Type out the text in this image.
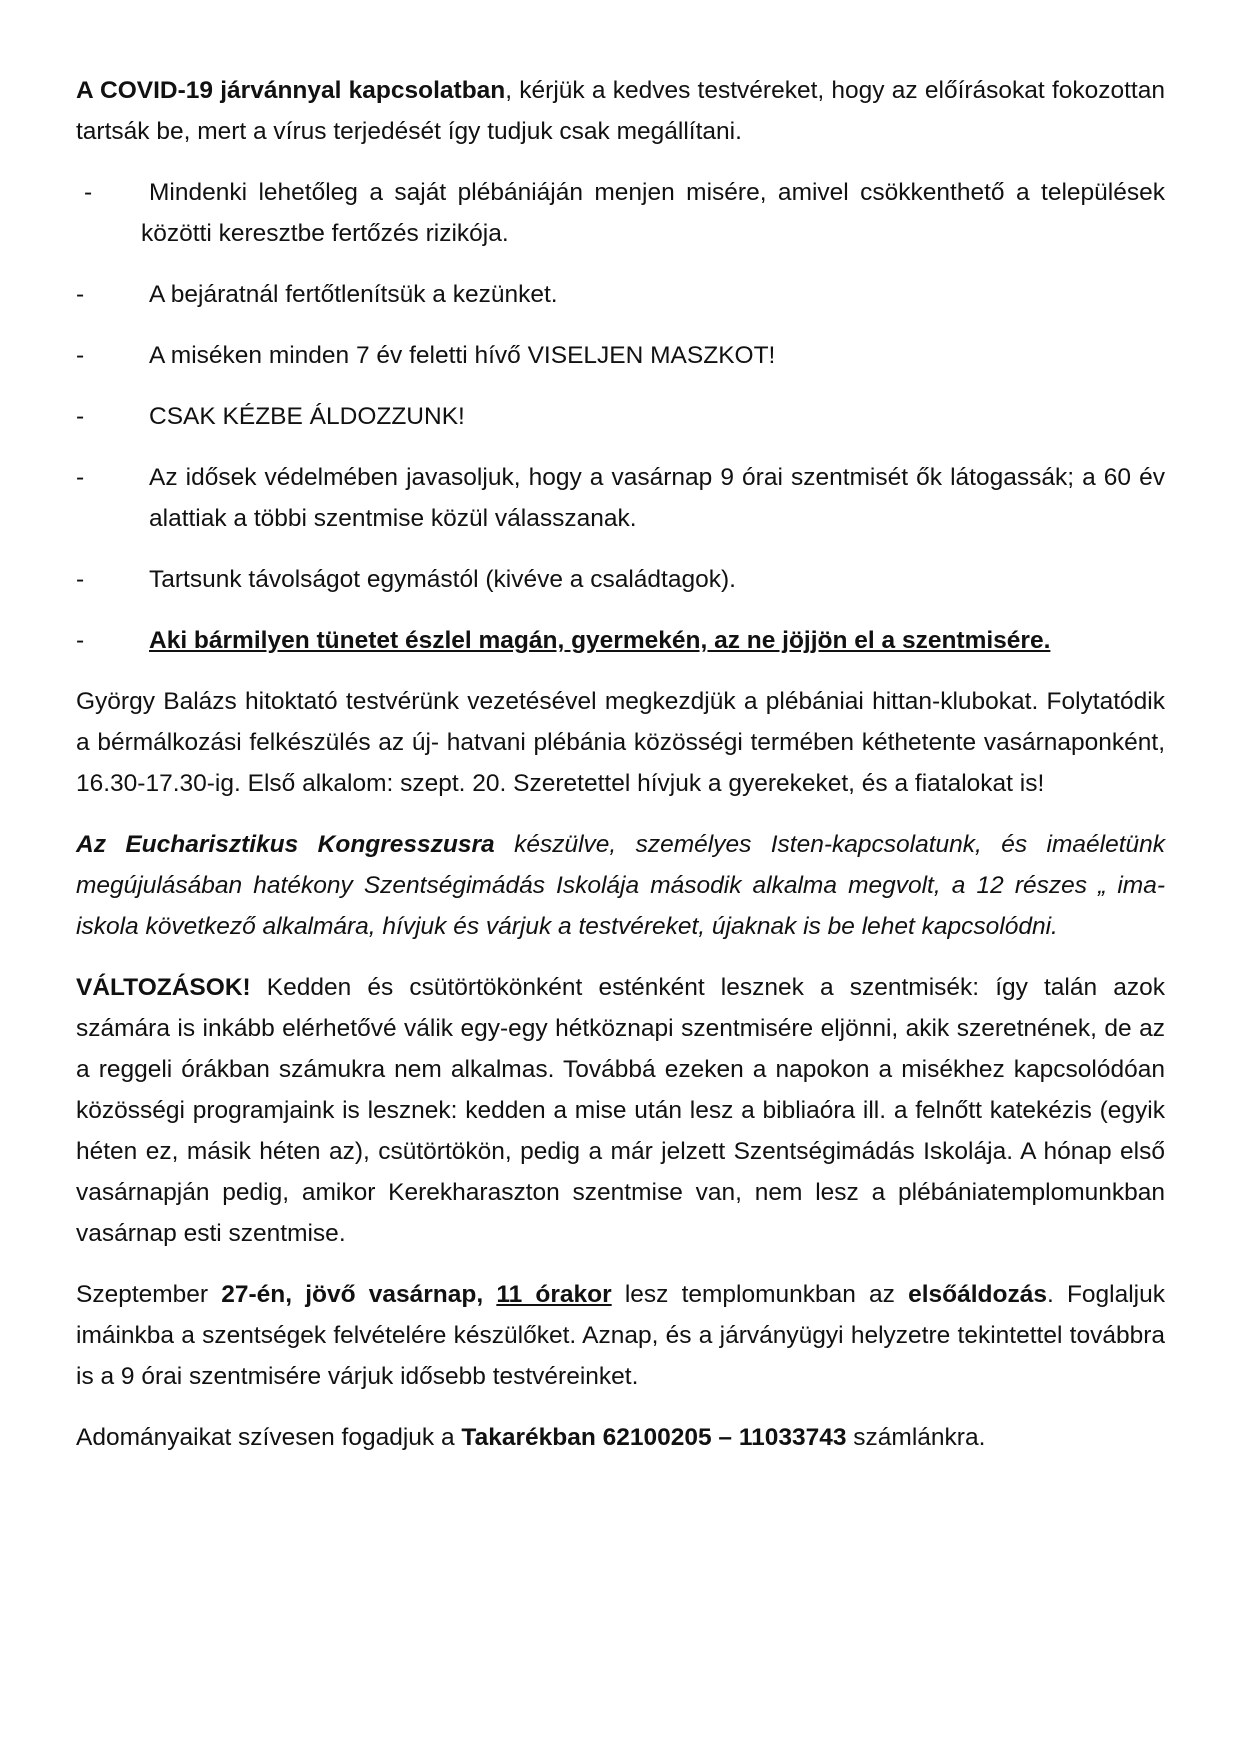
A COVID-19 járvánnyal kapcsolatban, kérjük a kedves testvéreket, hogy az előírásokat fokozottan tartsák be, mert a vírus terjedését így tudjuk csak megállítani.

- Mindenki lehetőleg a saját plébániáján menjen misére, amivel csökkenthető a települések közötti keresztbe fertőzés rizikója.
-	A bejáratnál fertőtlenítsük a kezünket.
-	A miséken minden 7 év feletti hívő VISELJEN MASZKOT!
-	CSAK KÉZBE ÁLDOZZUNK!
-	Az idősek védelmében javasoljuk, hogy a vasárnap 9 órai szentmisét ők látogassák; a 60 év alattiak a többi szentmise közül válasszanak.
-	Tartsunk távolságot egymástól (kivéve a családtagok).
-	Aki bármilyen tünetet észlel magán, gyermekén, az ne jöjjön el a szentmisére.

György Balázs hitoktató testvérünk vezetésével megkezdjük a plébániai hittan-klubokat. Folytatódik a bérmálkozási felkészülés az új- hatvani plébánia közösségi termében kéthetente vasárnaponként, 16.30-17.30-ig. Első alkalom: szept. 20. Szeretettel hívjuk a gyerekeket, és a fiatalokat is!

Az Eucharisztikus Kongresszusra készülve, személyes Isten-kapcsolatunk, és imaéletünk megújulásában hatékony Szentségimádás Iskolája második alkalma megvolt, a 12 részes „ ima-iskola következő alkalmára, hívjuk és várjuk a testvéreket, újaknak is be lehet kapcsolódni.

VÁLTOZÁSOK! Kedden és csütörtökönként esténként lesznek a szentmisék: így talán azok számára is inkább elérhetővé válik egy-egy hétköznapi szentmisére eljönni, akik szeretnének, de az a reggeli órákban számukra nem alkalmas. Továbbá ezeken a napokon a misékhez kapcsolódóan közösségi programjaink is lesznek: kedden a mise után lesz a bibliaóra ill. a felnőtt katekézis (egyik héten ez, másik héten az), csütörtökön, pedig a már jelzett Szentségimádás Iskolája. A hónap első vasárnapján pedig, amikor Kerekharaszton szentmise van, nem lesz a plébániatemplomunkban vasárnap esti szentmise.

Szeptember 27-én, jövő vasárnap, 11 órakor lesz templomunkban az elsőáldozás. Foglaljuk imáinkba a szentségek felvételére készülőket. Aznap, és a járványügyi helyzetre tekintettel továbbra is a 9 órai szentmisére várjuk idősebb testvéreinket.

Adományaikat szívesen fogadjuk a Takarékban 62100205 – 11033743 számlánkra.
